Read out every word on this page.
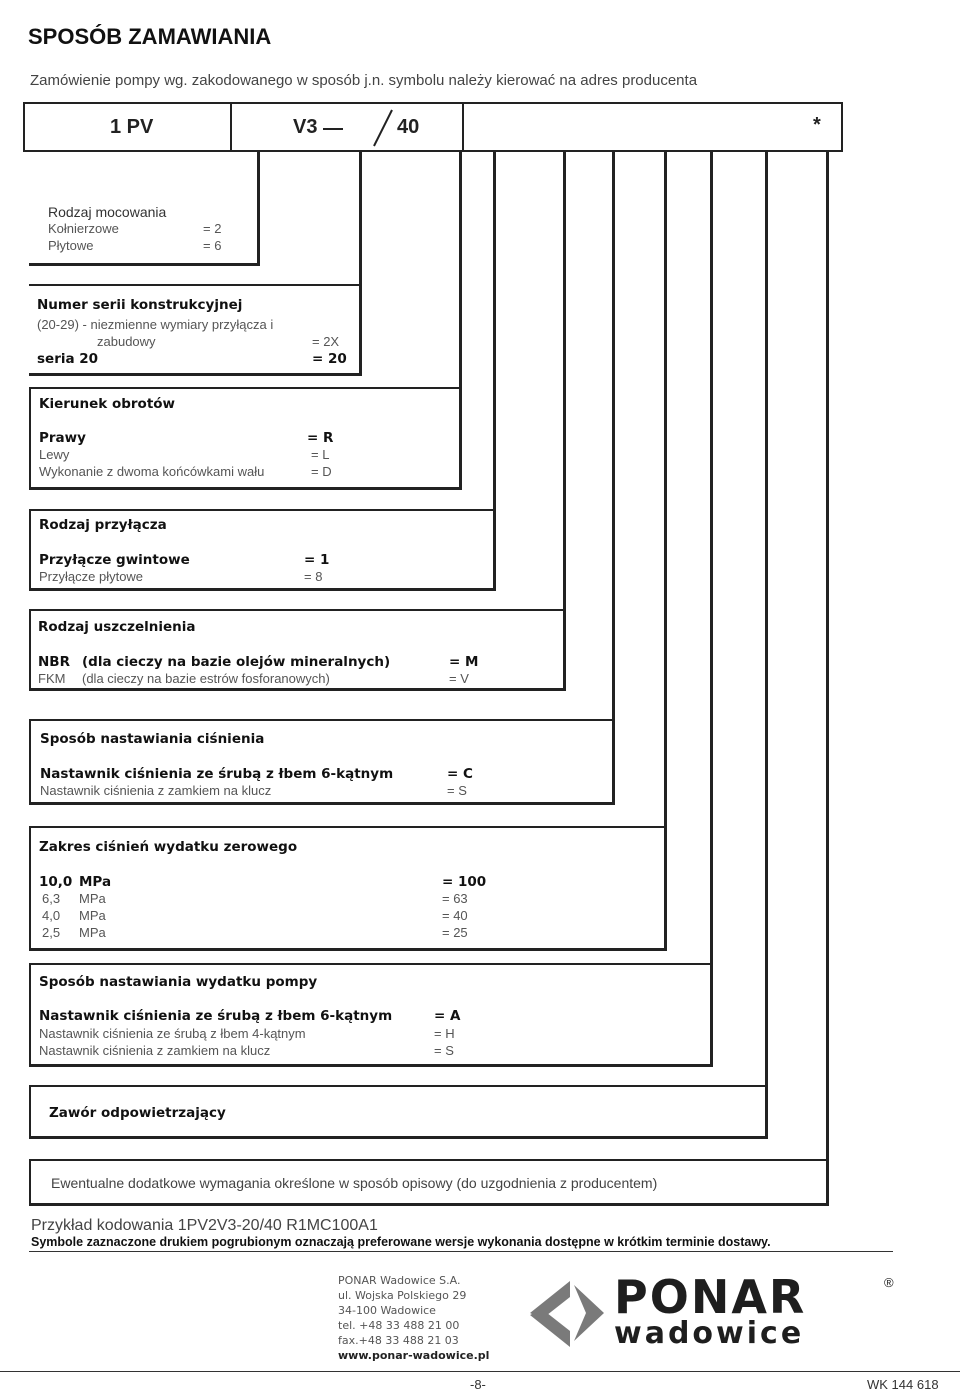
SPOSÓB ZAMAWIANIA
Zamówienie pompy wg. zakodowanego w sposób j.n. symbolu należy kierować na adres producenta
1 PV	V3	40	*
Rodzaj mocowania
Kołnierzowe	= 2
Płytowe	= 6
Numer serii konstrukcyjnej
(20-29) - niezmienne wymiary przyłącza i
zabudowy	= 2X
seria 20	= 20
Kierunek obrotów
Prawy	= R
Lewy	= L
Wykonanie z dwoma końcówkami wału	= D
Rodzaj przyłącza
Przyłącze gwintowe	= 1
Przyłącze płytowe	= 8
Rodzaj uszczelnienia
NBR (dla cieczy na bazie olejów mineralnych)	= M
FKM (dla cieczy na bazie estrów fosforanowych)	= V
Sposób nastawiania ciśnienia
Nastawnik ciśnienia ze śrubą z łbem 6-kątnym	= C
Nastawnik ciśnienia z zamkiem na klucz	= S
Zakres ciśnień wydatku zerowego
10,0 MPa	= 100
6,3 MPa	= 63
4,0 MPa	= 40
2,5 MPa	= 25
Sposób nastawiania wydatku pompy
Nastawnik ciśnienia ze śrubą z łbem 6-kątnym	= A
Nastawnik ciśnienia ze śrubą z łbem 4-kątnym	= H
Nastawnik ciśnienia z zamkiem na klucz	= S
Zawór odpowietrzający
Ewentualne dodatkowe wymagania określone w sposób opisowy (do uzgodnienia z producentem)
Przykład kodowania 1PV2V3-20/40 R1MC100A1
Symbole zaznaczone drukiem pogrubionym oznaczają preferowane wersje wykonania dostępne w krótkim terminie dostawy.
PONAR Wadowice S.A.
ul. Wojska Polskiego 29
34-100 Wadowice
tel. +48 33 488 21 00
fax.+48 33 488 21 03
www.ponar-wadowice.pl
PONAR
wadowice
®
-8-	WK 144 618
